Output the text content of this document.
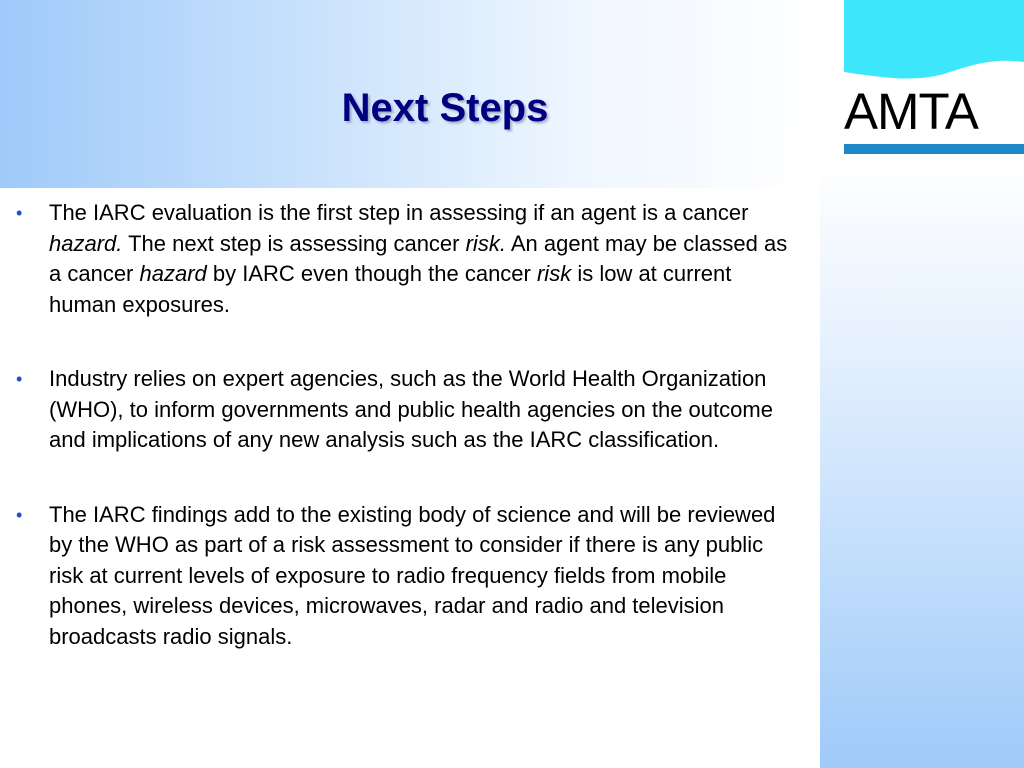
Next Steps	AMTA
• The IARC evaluation is the first step in assessing if an agent is a cancer hazard. The next step is assessing cancer risk. An agent may be classed as a cancer hazard by IARC even though the cancer risk is low at current human exposures.
• Industry relies on expert agencies, such as the World Health Organization (WHO), to inform governments and public health agencies on the outcome and implications of any new analysis such as the IARC classification.
• The IARC findings add to the existing body of science and will be reviewed by the WHO as part of a risk assessment to consider if there is any public risk at current levels of exposure to radio frequency fields from mobile phones, wireless devices, microwaves, radar and radio and television broadcasts radio signals.
